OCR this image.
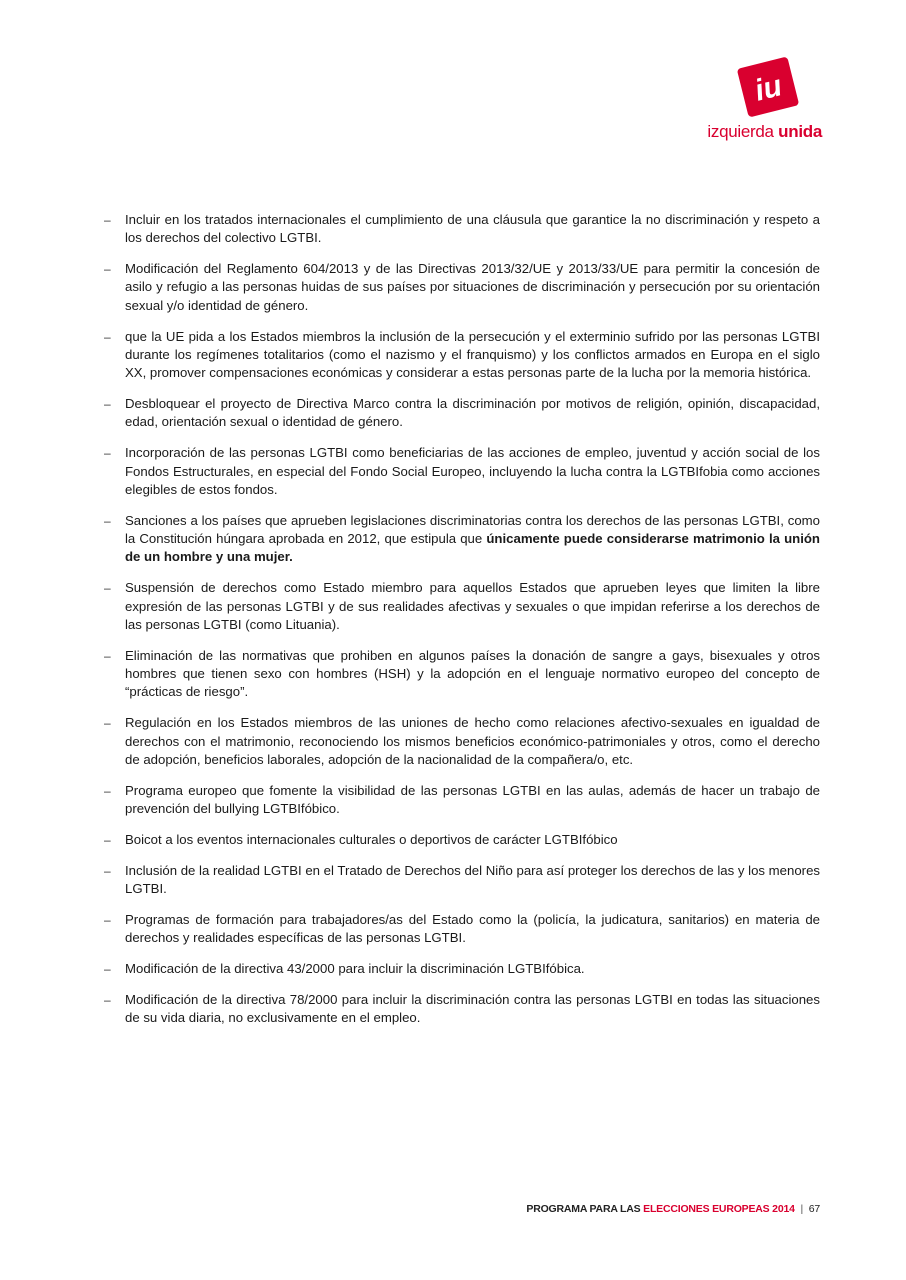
iu
izquierda unida
– Incluir en los tratados internacionales el cumplimiento de una cláusula que garantice la no discriminación y respeto a los derechos del colectivo LGTBI.
– Modificación del Reglamento 604/2013 y de las Directivas 2013/32/UE y 2013/33/UE para permitir la concesión de asilo y refugio a las personas huidas de sus países por situaciones de discriminación y persecución por su orientación sexual y/o identidad de género.
– que la UE pida a los Estados miembros la inclusión de la persecución y el exterminio sufrido por las personas LGTBI durante los regímenes totalitarios (como el nazismo y el franquismo) y los conflictos armados en Europa en el siglo XX, promover compensaciones económicas y considerar a estas personas parte de la lucha por la memoria histórica.
– Desbloquear el proyecto de Directiva Marco contra la discriminación por motivos de religión, opinión, discapacidad, edad, orientación sexual o identidad de género.
– Incorporación de las personas LGTBI como beneficiarias de las acciones de empleo, juventud y acción social de los Fondos Estructurales, en especial del Fondo Social Europeo, incluyendo la lucha contra la LGTBIfobia como acciones elegibles de estos fondos.
– Sanciones a los países que aprueben legislaciones discriminatorias contra los derechos de las personas LGTBI, como la Constitución húngara aprobada en 2012, que estipula que únicamente puede considerarse matrimonio la unión de un hombre y una mujer.
– Suspensión de derechos como Estado miembro para aquellos Estados que aprueben leyes que limiten la libre expresión de las personas LGTBI y de sus realidades afectivas y sexuales o que impidan referirse a los derechos de las personas LGTBI (como Lituania).
– Eliminación de las normativas que prohiben en algunos países la donación de sangre a gays, bisexuales y otros hombres que tienen sexo con hombres (HSH) y la adopción en el lenguaje normativo europeo del concepto de “prácticas de riesgo”.
– Regulación en los Estados miembros de las uniones de hecho como relaciones afectivo-sexuales en igualdad de derechos con el matrimonio, reconociendo los mismos beneficios económico-patrimoniales y otros, como el derecho de adopción, beneficios laborales, adopción de la nacionalidad de la compañera/o, etc.
– Programa europeo que fomente la visibilidad de las personas LGTBI en las aulas, además de hacer un trabajo de prevención del bullying LGTBIfóbico.
– Boicot a los eventos internacionales culturales o deportivos de carácter LGTBIfóbico
– Inclusión de la realidad LGTBI en el Tratado de Derechos del Niño para así proteger los derechos de las y los menores LGTBI.
– Programas de formación para trabajadores/as del Estado como la (policía, la judicatura, sanitarios) en materia de derechos y realidades específicas de las personas LGTBI.
– Modificación de la directiva 43/2000 para incluir la discriminación LGTBIfóbica.
– Modificación de la directiva 78/2000 para incluir la discriminación contra las personas LGTBI en todas las situaciones de su vida diaria, no exclusivamente en el empleo.
PROGRAMA PARA LAS ELECCIONES EUROPEAS 2014 | 67
